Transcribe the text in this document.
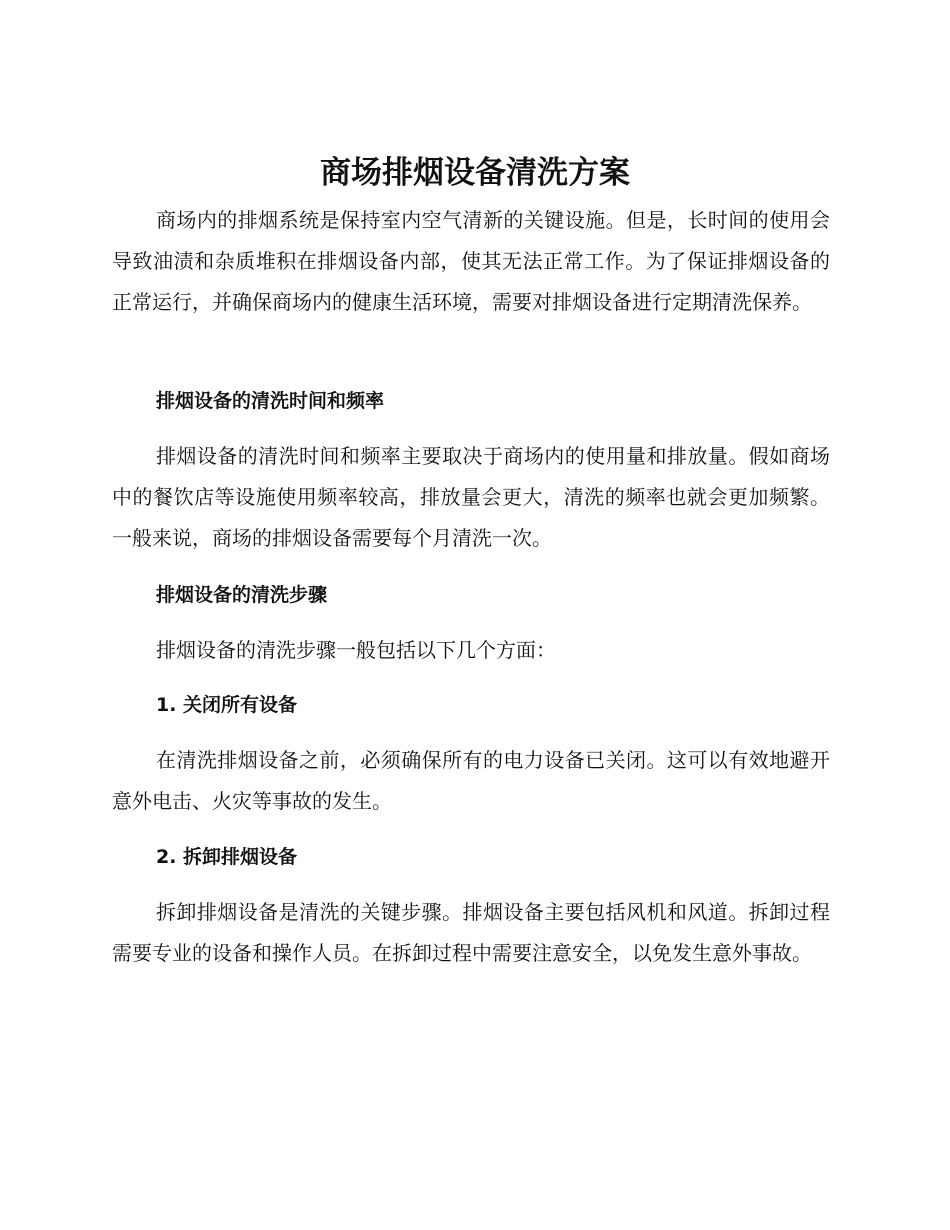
商场排烟设备清洗方案

商场内的排烟系统是保持室内空气清新的关键设施。但是，长时间的使用会导致油渍和杂质堆积在排烟设备内部，使其无法正常工作。为了保证排烟设备的正常运行，并确保商场内的健康生活环境，需要对排烟设备进行定期清洗保养。

排烟设备的清洗时间和频率

排烟设备的清洗时间和频率主要取决于商场内的使用量和排放量。假如商场中的餐饮店等设施使用频率较高，排放量会更大，清洗的频率也就会更加频繁。一般来说，商场的排烟设备需要每个月清洗一次。

排烟设备的清洗步骤

排烟设备的清洗步骤一般包括以下几个方面：

1. 关闭所有设备

在清洗排烟设备之前，必须确保所有的电力设备已关闭。这可以有效地避开意外电击、火灾等事故的发生。

2. 拆卸排烟设备

拆卸排烟设备是清洗的关键步骤。排烟设备主要包括风机和风道。拆卸过程需要专业的设备和操作人员。在拆卸过程中需要注意安全，以免发生意外事故。
